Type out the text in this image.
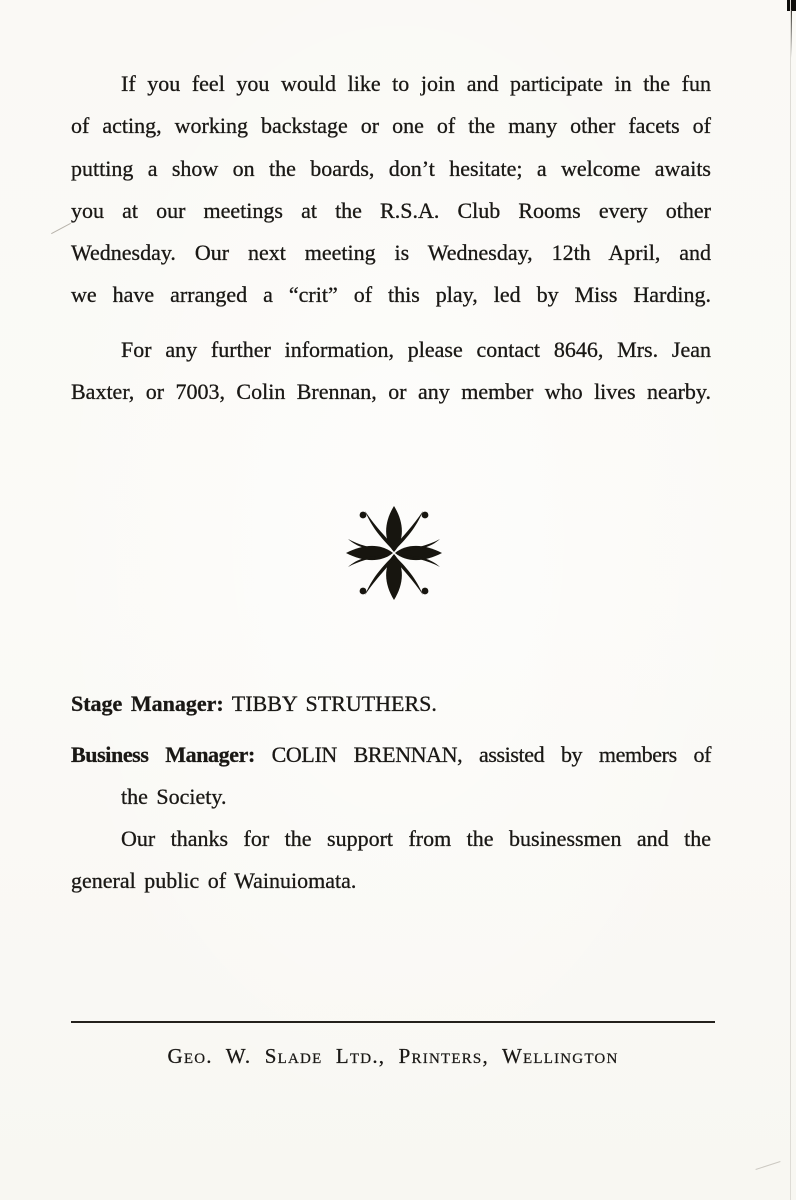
If you feel you would like to join and participate in the fun
of acting, working backstage or one of the many other facets of
putting a show on the boards, don’t hesitate; a welcome awaits
you at our meetings at the R.S.A. Club Rooms every other
Wednesday. Our next meeting is Wednesday, 12th April, and
we have arranged a “crit” of this play, led by Miss Harding.
For any further information, please contact 8646, Mrs. Jean
Baxter, or 7003, Colin Brennan, or any member who lives nearby.
Stage Manager: TIBBY STRUTHERS.
Business Manager: COLIN BRENNAN, assisted by members of
the Society.
Our thanks for the support from the businessmen and the
general public of Wainuiomata.
Geo. W. Slade Ltd., Printers, Wellington
